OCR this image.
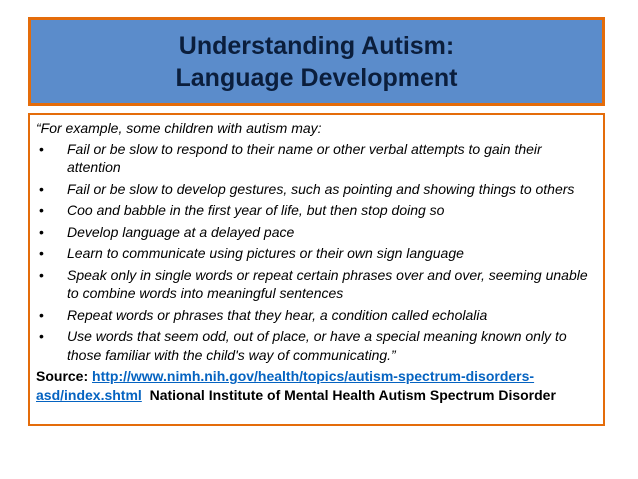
Understanding Autism:
Language Development
“For example, some children with autism may:
• Fail or be slow to respond to their name or other verbal attempts to gain their attention
• Fail or be slow to develop gestures, such as pointing and showing things to others
• Coo and babble in the first year of life, but then stop doing so
• Develop language at a delayed pace
• Learn to communicate using pictures or their own sign language
• Speak only in single words or repeat certain phrases over and over, seeming unable to combine words into meaningful sentences
• Repeat words or phrases that they hear, a condition called echolalia
• Use words that seem odd, out of place, or have a special meaning known only to those familiar with the child's way of communicating.”
Source: http://www.nimh.nih.gov/health/topics/autism-spectrum-disorders-asd/index.shtml National Institute of Mental Health Autism Spectrum Disorder
